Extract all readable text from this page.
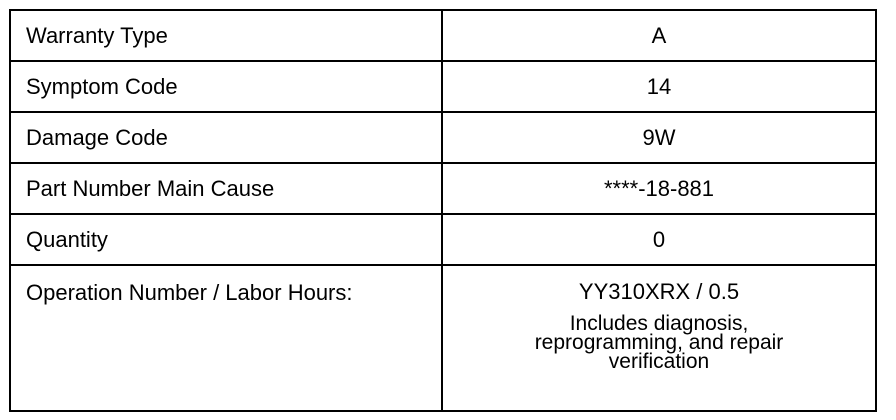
Warranty Type	A
Symptom Code	14
Damage Code	9W
Part Number Main Cause	****-18-881
Quantity	0
Operation Number / Labor Hours:	YY310XRX / 0.5
Includes diagnosis,
reprogramming, and repair
verification
